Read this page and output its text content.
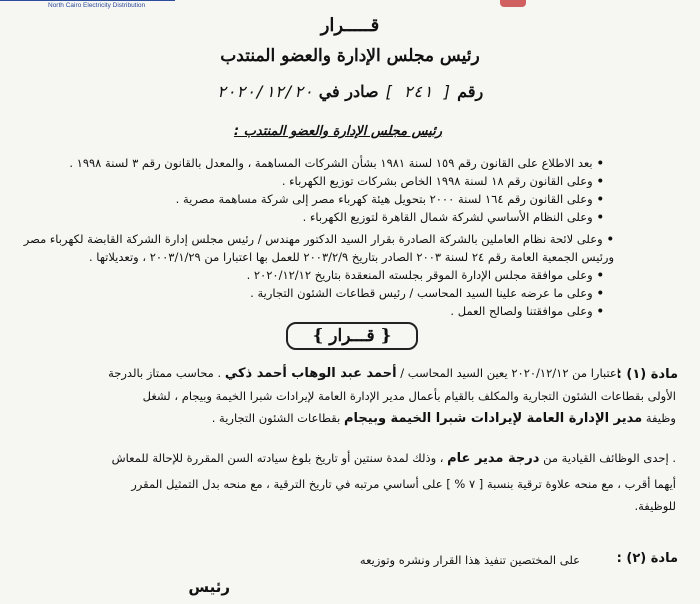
North Cairo Electricity Distribution
قـــــرار
رئيس مجلس الإدارة والعضو المنتدب
رقم [ ٢٤١ ] صادر في ٢٠٢٠/١٢/٢٠
رئيس مجلس الإدارة والعضو المنتدب :
• بعد الاطلاع على القانون رقم ١٥٩ لسنة ١٩٨١ بشأن الشركات المساهمة ، والمعدل بالقانون رقم ٣ لسنة ١٩٩٨ .
• وعلى القانون رقم ١٨ لسنة ١٩٩٨ الخاص بشركات توزيع الكهرباء .
• وعلى القانون رقم ١٦٤ لسنة ٢٠٠٠ بتحويل هيئة كهرباء مصر إلى شركة مساهمة مصرية .
• وعلى النظام الأساسي لشركة شمال القاهرة لتوزيع الكهرباء .
• وعلى لائحة نظام العاملين بالشركة الصادرة بقرار السيد الدكتور مهندس / رئيس مجلس إدارة الشركة القابضة لكهرباء مصر
ورئيس الجمعية العامة رقم ٢٤ لسنة ٢٠٠٣ الصادر بتاريخ ٢٠٠٣/٢/٩ للعمل بها اعتبارا من ٢٠٠٣/١/٢٩ ، وتعديلاتها .
• وعلى موافقة مجلس الإدارة الموقر بجلسته المنعقدة بتاريخ ٢٠٢٠/١٢/١٢ .
• وعلى ما عرضه علينا السيد المحاسب / رئيس قطاعات الشئون التجارية .
• وعلى موافقتنا ولصالح العمل .
{ قـــرار }
مادة (١) :
اعتبارا من ٢٠٢٠/١٢/١٢ يعين السيد المحاسب / أحمد عبد الوهاب أحمد ذكي . محاسب ممتاز بالدرجة
الأولى بقطاعات الشئون التجارية والمكلف بالقيام بأعمال مدير الإدارة العامة لإيرادات شبرا الخيمة وبيجام ، لشغل
وظيفة مدير الإدارة العامة لإيرادات شبرا الخيمة وبيجام بقطاعات الشئون التجارية .
. إحدى الوظائف القيادية من درجة مدير عام ، وذلك لمدة سنتين أو تاريخ بلوغ سيادته السن المقررة للإحالة للمعاش
أيهما أقرب ، مع منحه علاوة ترقية بنسبة [ ٧ % ] على أساسي مرتبه في تاريخ الترقية ، مع منحه بدل التمثيل المقرر
للوظيفة.
مادة (٢) :
على المختصين تنفيذ هذا القرار ونشره وتوزيعه
رئيس
